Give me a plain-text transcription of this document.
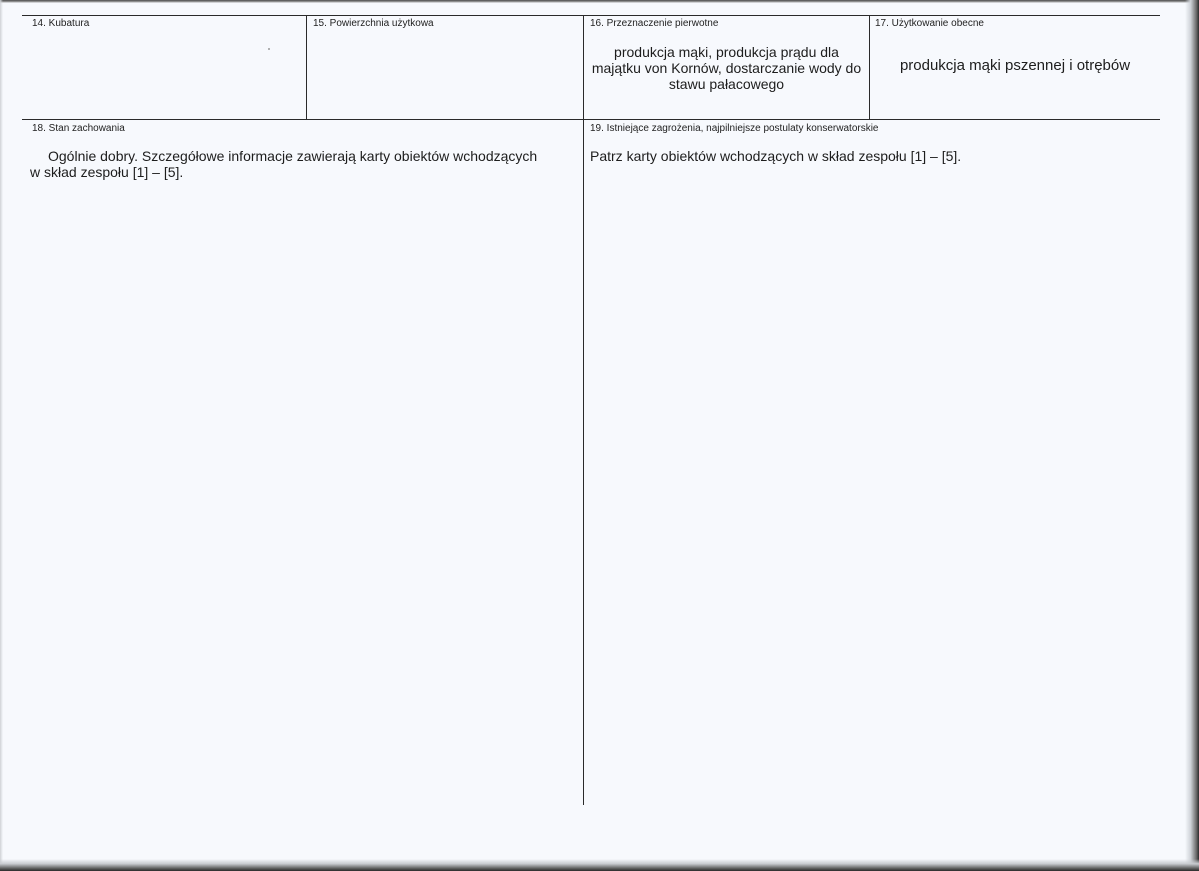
14. Kubatura	15. Powierzchnia użytkowa	16. Przeznaczenie pierwotne
produkcja mąki, produkcja prądu dla
majątku von Kornów, dostarczanie wody do
stawu pałacowego
17. Użytkowanie obecne
produkcja mąki pszennej i otrębów
18. Stan zachowania
Ogólnie dobry. Szczegółowe informacje zawierają karty obiektów wchodzących
w skład zespołu [1] – [5].
19. Istniejące zagrożenia, najpilniejsze postulaty konserwatorskie
Patrz karty obiektów wchodzących w skład zespołu [1] – [5].
